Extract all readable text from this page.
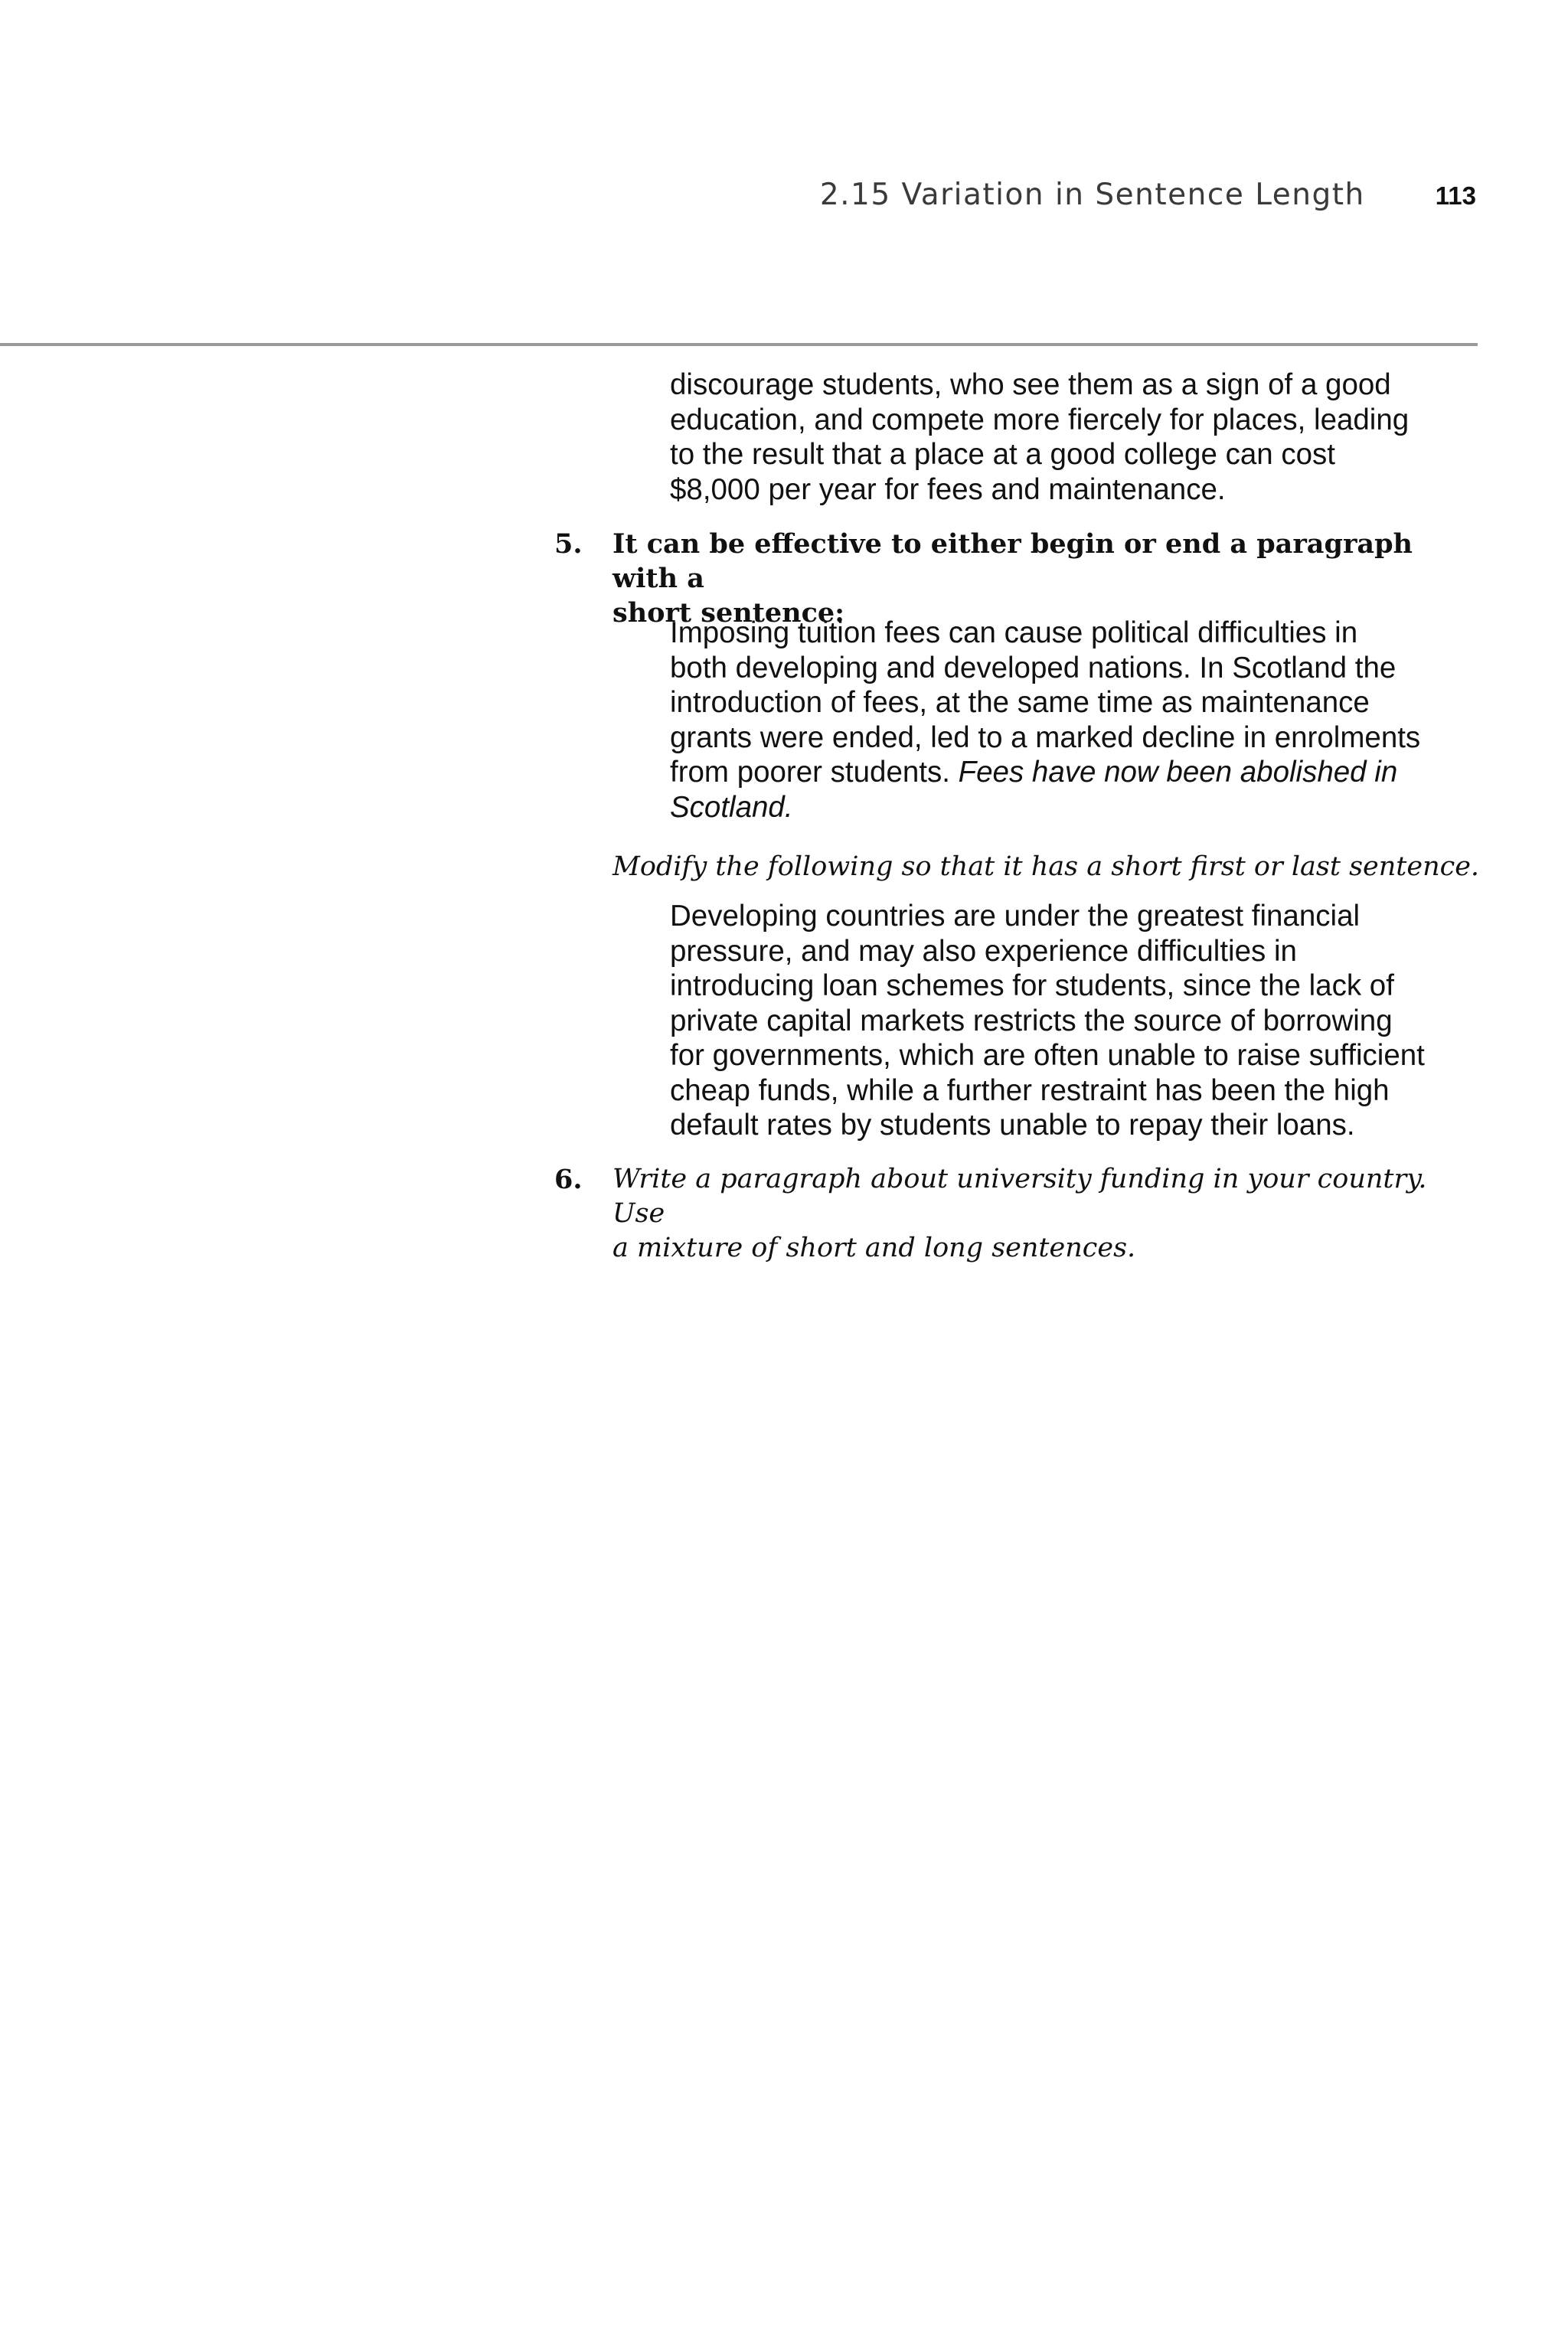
2.15 Variation in Sentence Length	113

discourage students, who see them as a sign of a good

education, and compete more fiercely for places, leading

to the result that a place at a good college can cost

$8,000 per year for fees and maintenance.

5. It can be effective to either begin or end a paragraph with a
short sentence:

Imposing tuition fees can cause political difficulties in

both developing and developed nations. In Scotland the

introduction of fees, at the same time as maintenance

grants were ended, led to a marked decline in enrolments

from poorer students. Fees have now been abolished in

Scotland.

Modify the following so that it has a short first or last sentence.

Developing countries are under the greatest financial

pressure, and may also experience difficulties in

introducing loan schemes for students, since the lack of

private capital markets restricts the source of borrowing

for governments, which are often unable to raise sufficient

cheap funds, while a further restraint has been the high

default rates by students unable to repay their loans.

6. Write a paragraph about university funding in your country. Use
a mixture of short and long sentences.
